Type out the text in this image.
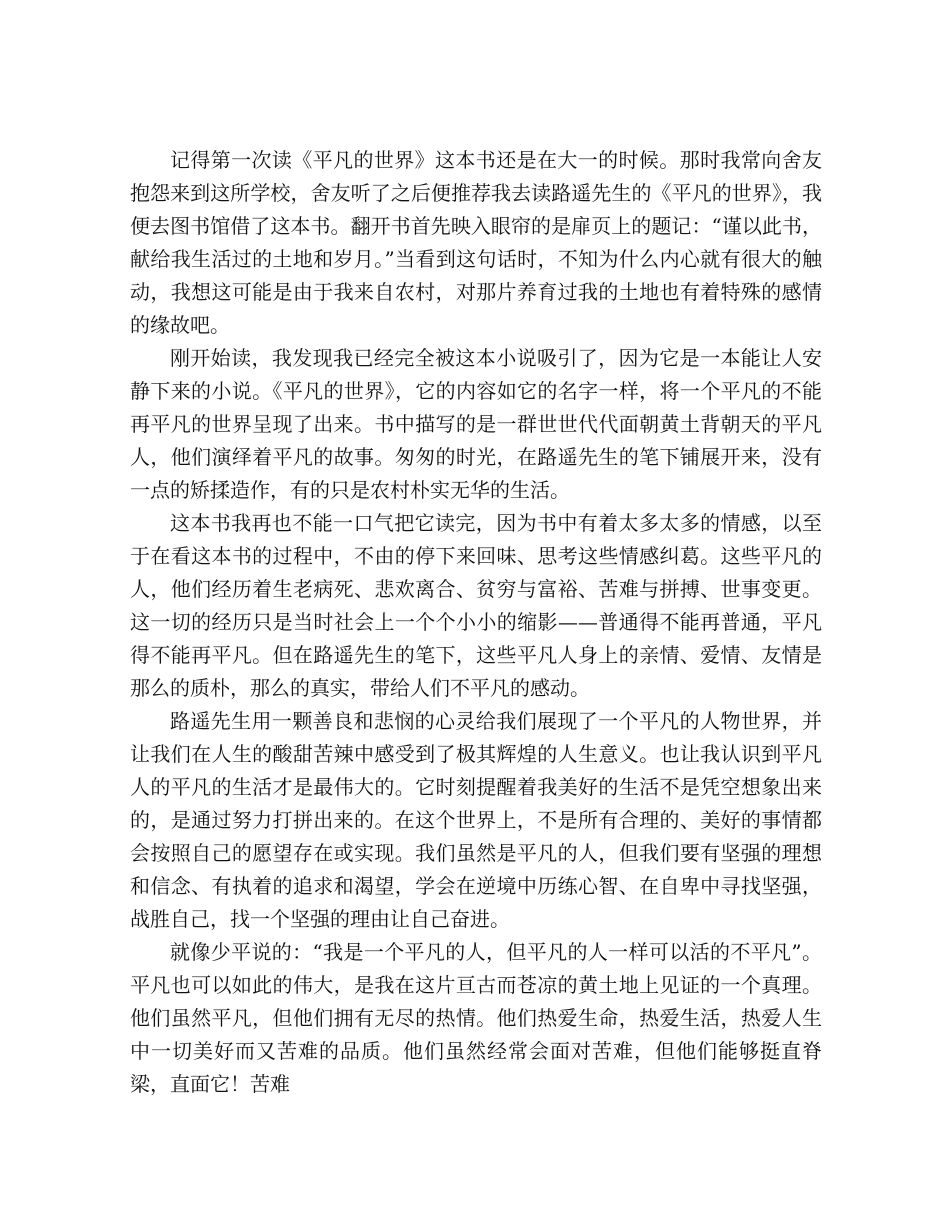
记得第一次读《平凡的世界》这本书还是在大一的时候。那时我常向舍友抱怨来到这所学校，舍友听了之后便推荐我去读路遥先生的《平凡的世界》，我便去图书馆借了这本书。翻开书首先映入眼帘的是扉页上的题记：“谨以此书，献给我生活过的土地和岁月。”当看到这句话时，不知为什么内心就有很大的触动，我想这可能是由于我来自农村，对那片养育过我的土地也有着特殊的感情的缘故吧。

刚开始读，我发现我已经完全被这本小说吸引了，因为它是一本能让人安静下来的小说。《平凡的世界》，它的内容如它的名字一样，将一个平凡的不能再平凡的世界呈现了出来。书中描写的是一群世世代代面朝黄土背朝天的平凡人，他们演绎着平凡的故事。匆匆的时光，在路遥先生的笔下铺展开来，没有一点的矫揉造作，有的只是农村朴实无华的生活。

这本书我再也不能一口气把它读完，因为书中有着太多太多的情感，以至于在看这本书的过程中，不由的停下来回味、思考这些情感纠葛。这些平凡的人，他们经历着生老病死、悲欢离合、贫穷与富裕、苦难与拼搏、世事变更。这一切的经历只是当时社会上一个个小小的缩影——普通得不能再普通，平凡得不能再平凡。但在路遥先生的笔下，这些平凡人身上的亲情、爱情、友情是那么的质朴，那么的真实，带给人们不平凡的感动。

路遥先生用一颗善良和悲悯的心灵给我们展现了一个平凡的人物世界，并让我们在人生的酸甜苦辣中感受到了极其辉煌的人生意义。也让我认识到平凡人的平凡的生活才是最伟大的。它时刻提醒着我美好的生活不是凭空想象出来的，是通过努力打拼出来的。在这个世界上，不是所有合理的、美好的事情都会按照自己的愿望存在或实现。我们虽然是平凡的人，但我们要有坚强的理想和信念、有执着的追求和渴望，学会在逆境中历练心智、在自卑中寻找坚强，战胜自己，找一个坚强的理由让自己奋进。

就像少平说的：“我是一个平凡的人，但平凡的人一样可以活的不平凡”。平凡也可以如此的伟大，是我在这片亘古而苍凉的黄土地上见证的一个真理。他们虽然平凡，但他们拥有无尽的热情。他们热爱生命，热爱生活，热爱人生中一切美好而又苦难的品质。他们虽然经常会面对苦难，但他们能够挺直脊梁，直面它！苦难
